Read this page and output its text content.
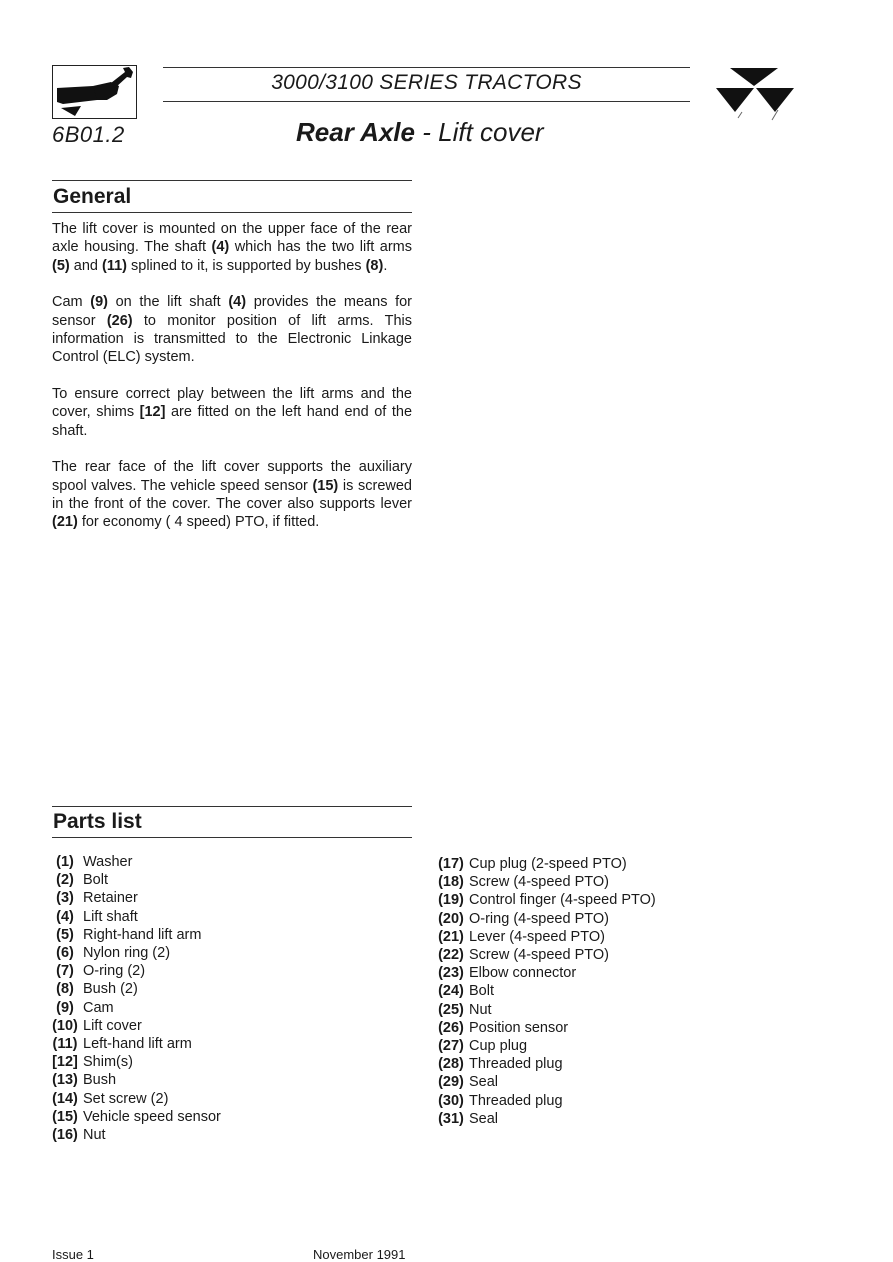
6B01.2
3000/3100 SERIES TRACTORS
Rear Axle - Lift cover
General

The lift cover is mounted on the upper face of the rear axle housing. The shaft (4) which has the two lift arms (5) and (11) splined to it, is supported by bushes (8).

Cam (9) on the lift shaft (4) provides the means for sensor (26) to monitor position of lift arms. This information is transmitted to the Electronic Linkage Control (ELC) system.

To ensure correct play between the lift arms and the cover, shims [12] are fitted on the left hand end of the shaft.

The rear face of the lift cover supports the auxiliary spool valves. The vehicle speed sensor (15) is screwed in the front of the cover. The cover also supports lever (21) for economy ( 4 speed) PTO, if fitted.

Parts list
(1) Washer
(2) Bolt
(3) Retainer
(4) Lift shaft
(5) Right-hand lift arm
(6) Nylon ring (2)
(7) O-ring (2)
(8) Bush (2)
(9) Cam
(10) Lift cover
(11) Left-hand lift arm
[12] Shim(s)
(13) Bush
(14) Set screw (2)
(15) Vehicle speed sensor
(16) Nut
(17) Cup plug (2-speed PTO)
(18) Screw (4-speed PTO)
(19) Control finger (4-speed PTO)
(20) O-ring (4-speed PTO)
(21) Lever (4-speed PTO)
(22) Screw (4-speed PTO)
(23) Elbow connector
(24) Bolt
(25) Nut
(26) Position sensor
(27) Cup plug
(28) Threaded plug
(29) Seal
(30) Threaded plug
(31) Seal
Issue 1	November 1991
